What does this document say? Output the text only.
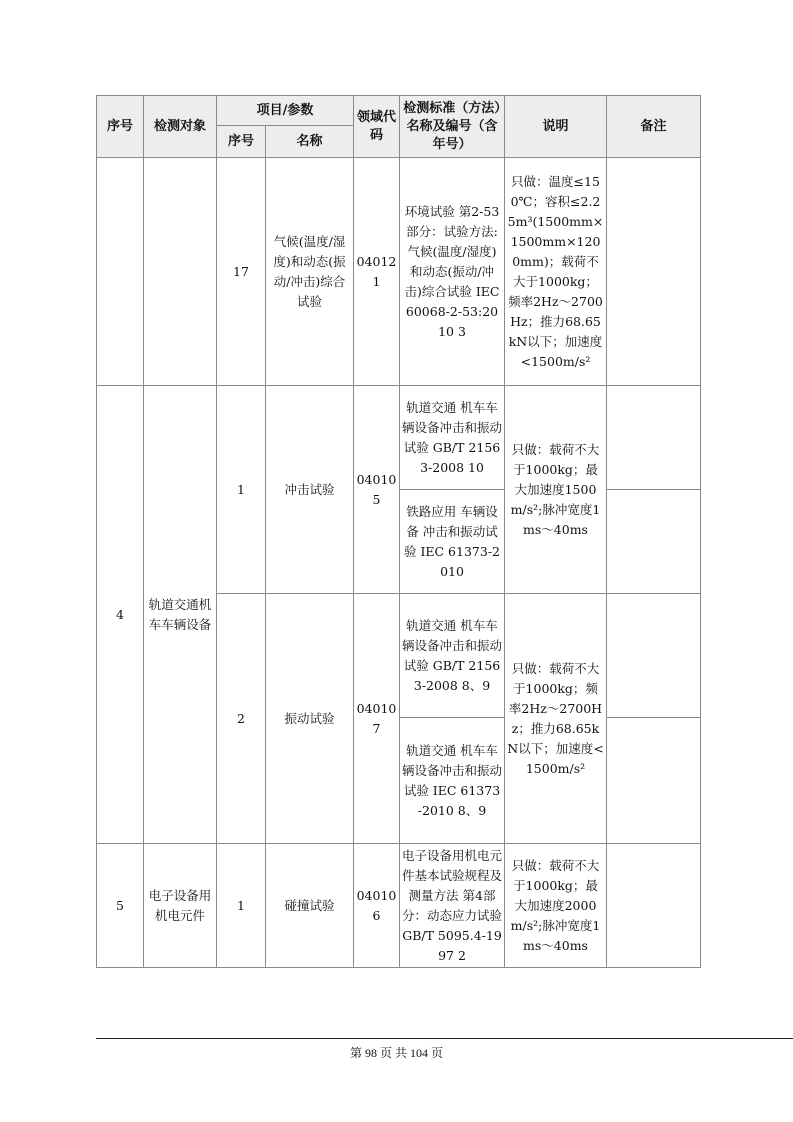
序号	检测对象	项目/参数		领域代码	检测标准（方法）名称及编号（含年号）	说明	备注
		序号	名称				
		17	气候(温度/湿度)和动态(振动/冲击)综合试验	040121	环境试验 第2-53部分：试验方法:气候(温度/湿度)和动态(振动/冲击)综合试验 IEC 60068-2-53:2010 3	只做：温度≤150℃；容积≤2.25m³(1500mm×1500mm×1200mm)；载荷不大于1000kg；频率2Hz～2700Hz；推力68.65kN以下；加速度<1500m/s²	
4	轨道交通机车车辆设备	1	冲击试验	040105	轨道交通 机车车辆设备冲击和振动试验 GB/T 21563-2008 10	只做：载荷不大于1000kg；最大加速度1500m/s²;脉冲宽度1ms～40ms	
					铁路应用 车辆设备 冲击和振动试验 IEC 61373-2010		
		2	振动试验	040107	轨道交通 机车车辆设备冲击和振动试验 GB/T 21563-2008 8、9	只做：载荷不大于1000kg；频率2Hz～2700Hz；推力68.65kN以下；加速度<1500m/s²	
					轨道交通 机车车辆设备冲击和振动试验 IEC 61373-2010 8、9		
5	电子设备用机电元件	1	碰撞试验	040106	电子设备用机电元件基本试验规程及测量方法 第4部分：动态应力试验 GB/T 5095.4-1997 2	只做：载荷不大于1000kg；最大加速度2000m/s²;脉冲宽度1ms～40ms	
第 98 页 共 104 页
